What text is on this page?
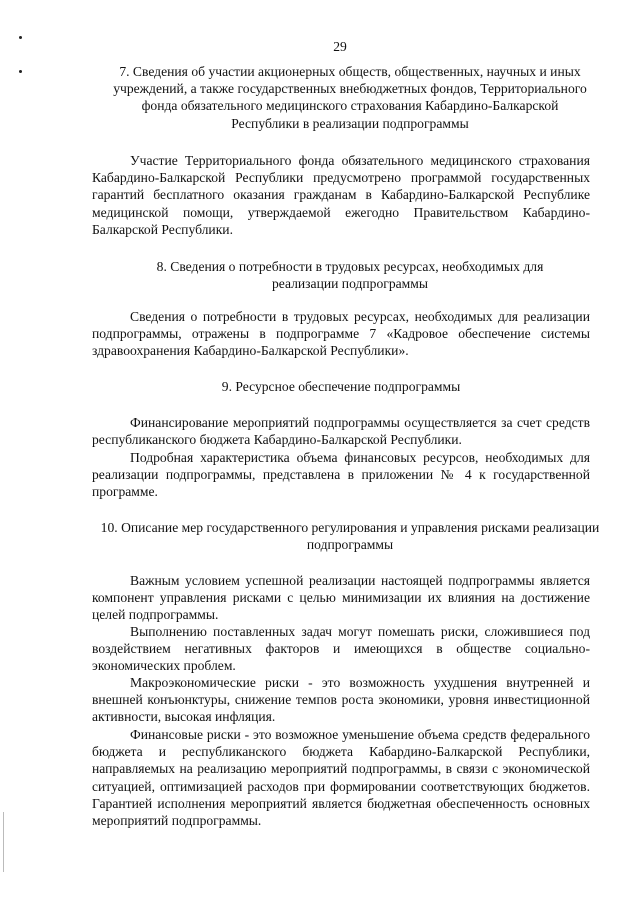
29
7. Сведения об участии акционерных обществ, общественных, научных и иных учреждений, а также государственных внебюджетных фондов, Территориального фонда обязательного медицинского страхования Кабардино-Балкарской Республики в реализации подпрограммы
Участие Территориального фонда обязательного медицинского страхования Кабардино-Балкарской Республики предусмотрено программой государственных гарантий бесплатного оказания гражданам в Кабардино-Балкарской Республике медицинской помощи, утверждаемой ежегодно Правительством Кабардино-Балкарской Республики.
8. Сведения о потребности в трудовых ресурсах, необходимых для реализации подпрограммы
Сведения о потребности в трудовых ресурсах, необходимых для реализации подпрограммы, отражены в подпрограмме 7 «Кадровое обеспечение системы здравоохранения Кабардино-Балкарской Республики».
9. Ресурсное обеспечение подпрограммы
Финансирование мероприятий подпрограммы осуществляется за счет средств республиканского бюджета Кабардино-Балкарской Республики.
Подробная характеристика объема финансовых ресурсов, необходимых для реализации подпрограммы, представлена в приложении № 4 к государственной программе.
10. Описание мер государственного регулирования и управления рисками реализации подпрограммы
Важным условием успешной реализации настоящей подпрограммы является компонент управления рисками с целью минимизации их влияния на достижение целей подпрограммы.
Выполнению поставленных задач могут помешать риски, сложившиеся под воздействием негативных факторов и имеющихся в обществе социально-экономических проблем.
Макроэкономические риски - это возможность ухудшения внутренней и внешней конъюнктуры, снижение темпов роста экономики, уровня инвестиционной активности, высокая инфляция.
Финансовые риски - это возможное уменьшение объема средств федерального бюджета и республиканского бюджета Кабардино-Балкарской Республики, направляемых на реализацию мероприятий подпрограммы, в связи с экономической ситуацией, оптимизацией расходов при формировании соответствующих бюджетов. Гарантией исполнения мероприятий является бюджетная обеспеченность основных мероприятий подпрограммы.
